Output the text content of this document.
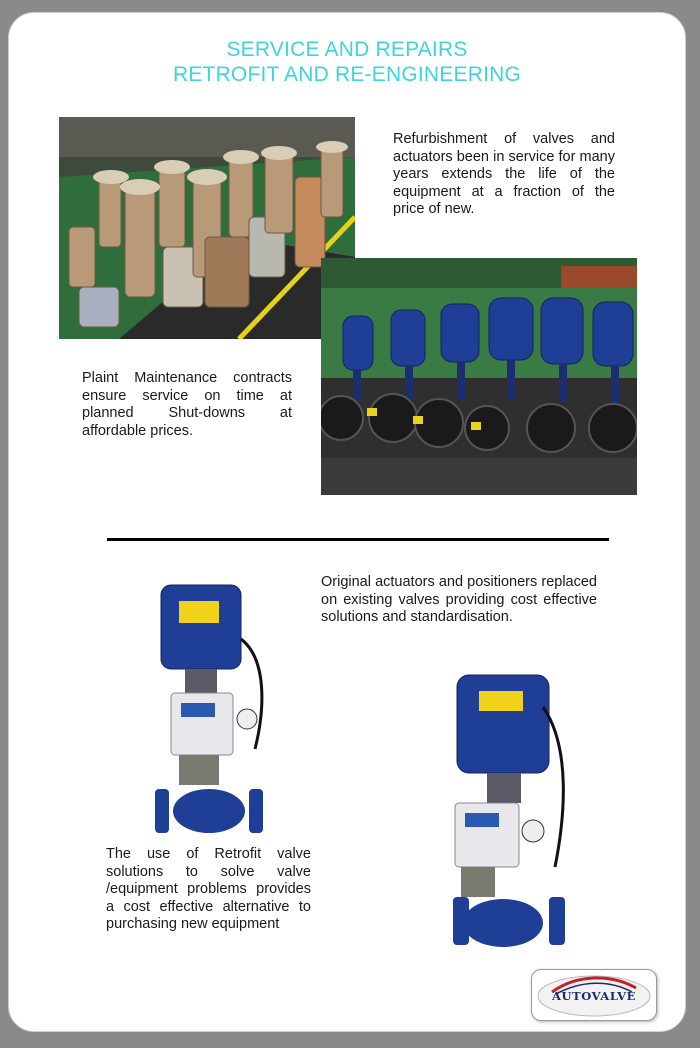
SERVICE AND REPAIRS
RETROFIT AND RE-ENGINEERING

Refurbishment of valves and actuators been in service for many years extends the life of the equipment at a fraction of the price of new.

Plaint Maintenance contracts ensure service on time at planned Shut-downs at affordable prices.

Original actuators and positioners replaced on existing valves providing cost effective solutions and standardisation.

The use of Retrofit valve solutions to solve valve /equipment problems provides a cost effective alternative to purchasing new equipment

AUTOVALVE
